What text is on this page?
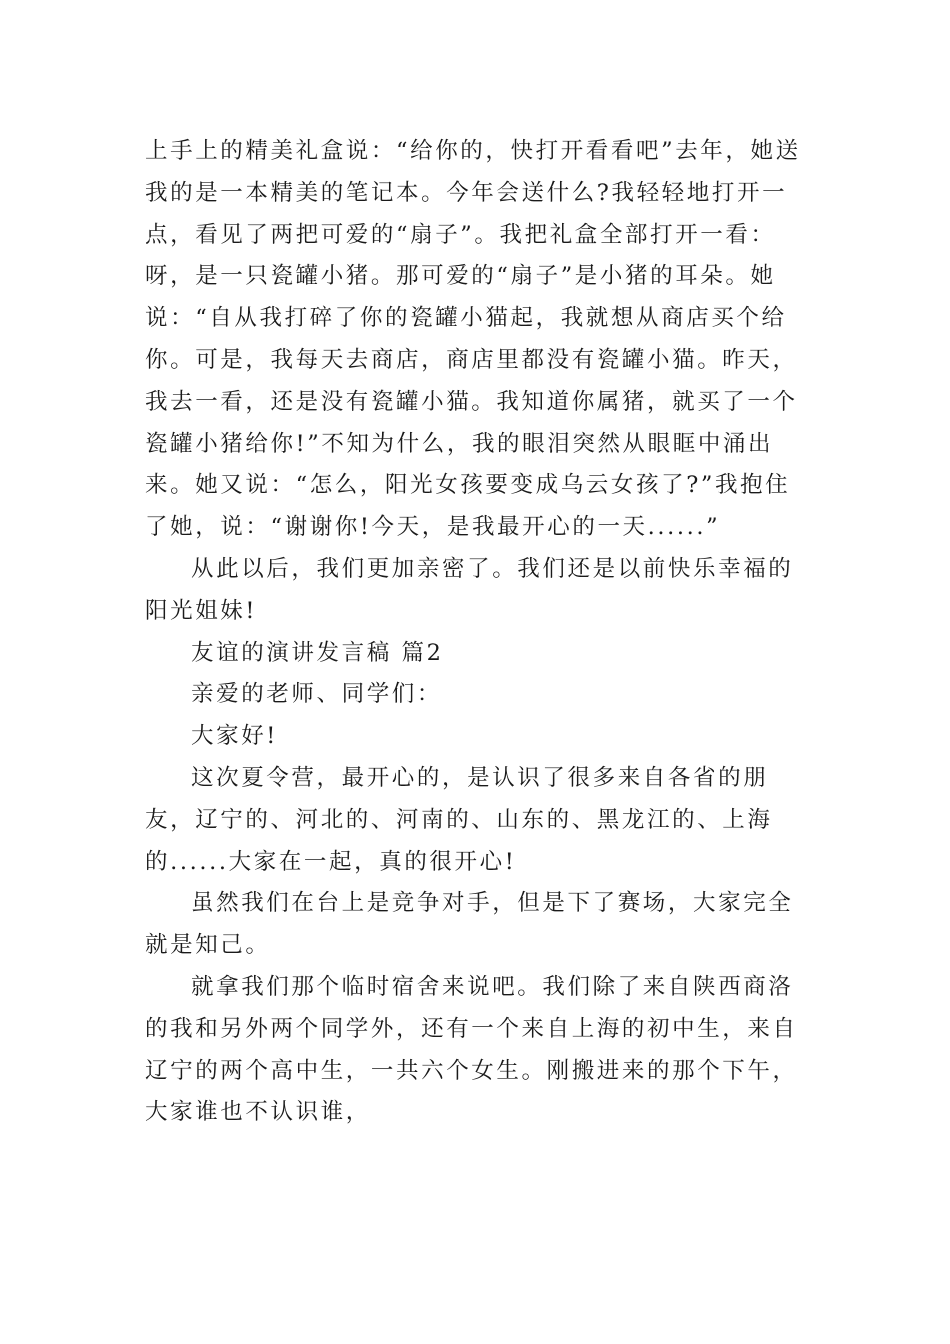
上手上的精美礼盒说：“给你的，快打开看看吧”去年，她送我的是一本精美的笔记本。今年会送什么?我轻轻地打开一点，看见了两把可爱的“扇子”。我把礼盒全部打开一看：呀，是一只瓷罐小猪。那可爱的“扇子”是小猪的耳朵。她说：“自从我打碎了你的瓷罐小猫起，我就想从商店买个给你。可是，我每天去商店，商店里都没有瓷罐小猫。昨天，我去一看，还是没有瓷罐小猫。我知道你属猪，就买了一个瓷罐小猪给你!”不知为什么，我的眼泪突然从眼眶中涌出来。她又说：“怎么，阳光女孩要变成乌云女孩了?”我抱住了她，说：“谢谢你!今天，是我最开心的一天......”

从此以后，我们更加亲密了。我们还是以前快乐幸福的阳光姐妹!

友谊的演讲发言稿 篇2

亲爱的老师、同学们：

大家好!

这次夏令营，最开心的，是认识了很多来自各省的朋友，辽宁的、河北的、河南的、山东的、黑龙江的、上海的......大家在一起，真的很开心!

虽然我们在台上是竞争对手，但是下了赛场，大家完全就是知己。

就拿我们那个临时宿舍来说吧。我们除了来自陕西商洛的我和另外两个同学外，还有一个来自上海的初中生，来自辽宁的两个高中生，一共六个女生。刚搬进来的那个下午，大家谁也不认识谁，
